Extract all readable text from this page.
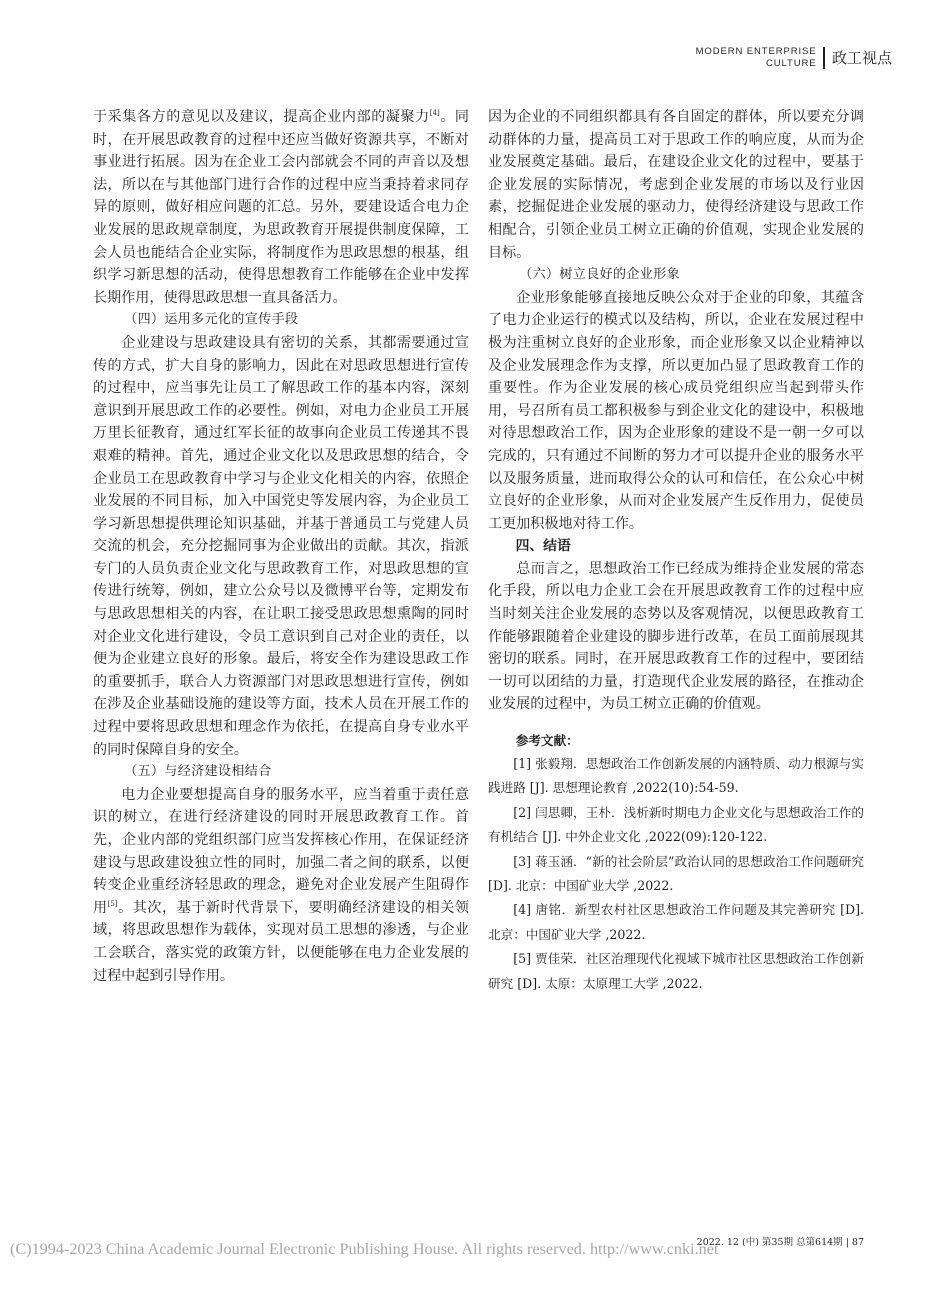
MODERN ENTERPRISE
CULTURE	政工视点

于采集各方的意见以及建议，提高企业内部的凝聚力[4]。同时，在开展思政教育的过程中还应当做好资源共享，不断对事业进行拓展。因为在企业工会内部就会不同的声音以及想法，所以在与其他部门进行合作的过程中应当秉持着求同存异的原则，做好相应问题的汇总。另外，要建设适合电力企业发展的思政规章制度，为思政教育开展提供制度保障，工会人员也能结合企业实际，将制度作为思政思想的根基，组织学习新思想的活动，使得思想教育工作能够在企业中发挥长期作用，使得思政思想一直具备活力。

（四）运用多元化的宣传手段

企业建设与思政建设具有密切的关系，其都需要通过宣传的方式，扩大自身的影响力，因此在对思政思想进行宣传的过程中，应当事先让员工了解思政工作的基本内容，深刻意识到开展思政工作的必要性。例如，对电力企业员工开展万里长征教育，通过红军长征的故事向企业员工传递其不畏艰难的精神。首先，通过企业文化以及思政思想的结合，令企业员工在思政教育中学习与企业文化相关的内容，依照企业发展的不同目标，加入中国党史等发展内容，为企业员工学习新思想提供理论知识基础，并基于普通员工与党建人员交流的机会，充分挖掘同事为企业做出的贡献。其次，指派专门的人员负责企业文化与思政教育工作，对思政思想的宣传进行统筹，例如，建立公众号以及微博平台等，定期发布与思政思想相关的内容，在让职工接受思政思想熏陶的同时对企业文化进行建设，令员工意识到自己对企业的责任，以便为企业建立良好的形象。最后，将安全作为建设思政工作的重要抓手，联合人力资源部门对思政思想进行宣传，例如在涉及企业基础设施的建设等方面，技术人员在开展工作的过程中要将思政思想和理念作为依托，在提高自身专业水平的同时保障自身的安全。

（五）与经济建设相结合

电力企业要想提高自身的服务水平，应当着重于责任意识的树立，在进行经济建设的同时开展思政教育工作。首先，企业内部的党组织部门应当发挥核心作用，在保证经济建设与思政建设独立性的同时，加强二者之间的联系，以便转变企业重经济轻思政的理念，避免对企业发展产生阻碍作用[5]。其次，基于新时代背景下，要明确经济建设的相关领域，将思政思想作为载体，实现对员工思想的渗透，与企业工会联合，落实党的政策方针，以便能够在电力企业发展的过程中起到引导作用。

因为企业的不同组织都具有各自固定的群体，所以要充分调动群体的力量，提高员工对于思政工作的响应度，从而为企业发展奠定基础。最后，在建设企业文化的过程中，要基于企业发展的实际情况，考虑到企业发展的市场以及行业因素，挖掘促进企业发展的驱动力，使得经济建设与思政工作相配合，引领企业员工树立正确的价值观，实现企业发展的目标。

（六）树立良好的企业形象

企业形象能够直接地反映公众对于企业的印象，其蕴含了电力企业运行的模式以及结构，所以，企业在发展过程中极为注重树立良好的企业形象，而企业形象又以企业精神以及企业发展理念作为支撑，所以更加凸显了思政教育工作的重要性。作为企业发展的核心成员党组织应当起到带头作用，号召所有员工都积极参与到企业文化的建设中，积极地对待思想政治工作，因为企业形象的建设不是一朝一夕可以完成的，只有通过不间断的努力才可以提升企业的服务水平以及服务质量，进而取得公众的认可和信任，在公众心中树立良好的企业形象，从而对企业发展产生反作用力，促使员工更加积极地对待工作。

四、结语

总而言之，思想政治工作已经成为维持企业发展的常态化手段，所以电力企业工会在开展思政教育工作的过程中应当时刻关注企业发展的态势以及客观情况，以便思政教育工作能够跟随着企业建设的脚步进行改革，在员工面前展现其密切的联系。同时，在开展思政教育工作的过程中，要团结一切可以团结的力量，打造现代企业发展的路径，在推动企业发展的过程中，为员工树立正确的价值观。

参考文献：

[1] 张毅翔．思想政治工作创新发展的内涵特质、动力根源与实践进路 [J]. 思想理论教育 ,2022(10):54-59.

[2] 闫思卿，王朴．浅析新时期电力企业文化与思想政治工作的有机结合 [J]. 中外企业文化 ,2022(09):120-122.

[3] 蒋玉涵．“新的社会阶层”政治认同的思想政治工作问题研究 [D]. 北京：中国矿业大学 ,2022.

[4] 唐铭．新型农村社区思想政治工作问题及其完善研究 [D]. 北京：中国矿业大学 ,2022.

[5] 贾佳荣．社区治理现代化视域下城市社区思想政治工作创新研究 [D]. 太原：太原理工大学 ,2022.

(C)1994-2023 China Academic Journal Electronic Publishing House. All rights reserved. http://www.cnki.net
2022. 12 (中) 第35期 总第614期 | 87
